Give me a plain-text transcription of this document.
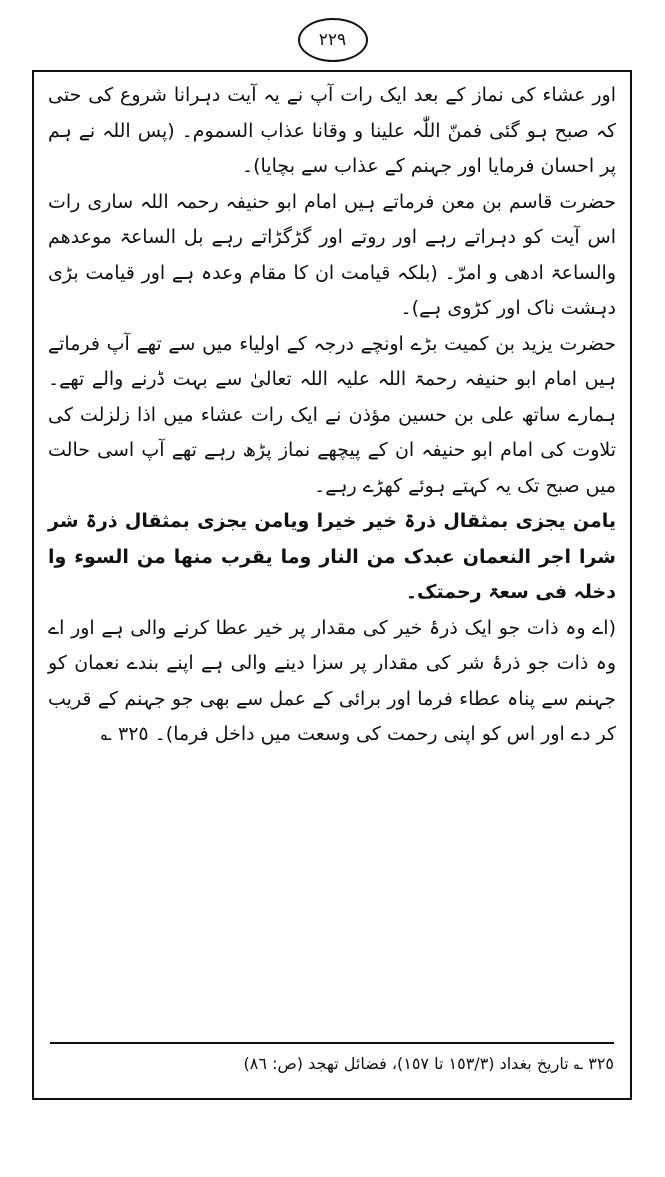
٢٢٩

اور عشاء کی نماز کے بعد ایک رات آپ نے یہ آیت دہرانا شروع کی حتی کہ صبح ہو گئی فمنّ اللّٰہ علینا و وقانا عذاب السموم۔ (پس اللہ نے ہم پر احسان فرمایا اور جہنم کے عذاب سے بچایا)۔

حضرت قاسم بن معن فرماتے ہیں امام ابو حنیفہ رحمہ اللہ ساری رات اس آیت کو دہراتے رہے اور روتے اور گڑگڑاتے رہے بل الساعۃ موعدھم والساعۃ ادھی و امرّ۔ (بلکہ قیامت ان کا مقام وعدہ ہے اور قیامت بڑی دہشت ناک اور کڑوی ہے)۔

حضرت یزید بن کمیت بڑے اونچے درجہ کے اولیاء میں سے تھے آپ فرماتے ہیں امام ابو حنیفہ رحمۃ اللہ علیہ اللہ تعالیٰ سے بہت ڈرنے والے تھے۔ ہمارے ساتھ علی بن حسین مؤذن نے ایک رات عشاء میں اذا زلزلت کی تلاوت کی امام ابو حنیفہ ان کے پیچھے نماز پڑھ رہے تھے آپ اسی حالت میں صبح تک یہ کہتے ہوئے کھڑے رہے۔

یامن یجزی بمثقال ذرۃ خیر خیرا ویامن یجزی بمثقال ذرۃ شر شرا اجر النعمان عبدک من النار وما یقرب منھا من السوء وا دخلہ فی سعۃ رحمتک۔

(اے وہ ذات جو ایک ذرۂ خیر کی مقدار پر خیر عطا کرنے والی ہے اور اے وہ ذات جو ذرۂ شر کی مقدار پر سزا دینے والی ہے اپنے بندے نعمان کو جہنم سے پناہ عطاء فرما اور برائی کے عمل سے بھی جو جہنم کے قریب کر دے اور اس کو اپنی رحمت کی وسعت میں داخل فرما)۔ ٣٢٥ ؎

٣٢٥ ؎ تاریخ بغداد (١٥٣/٣ تا ١٥٧)، فضائل تھجد (ص: ٨٦)
